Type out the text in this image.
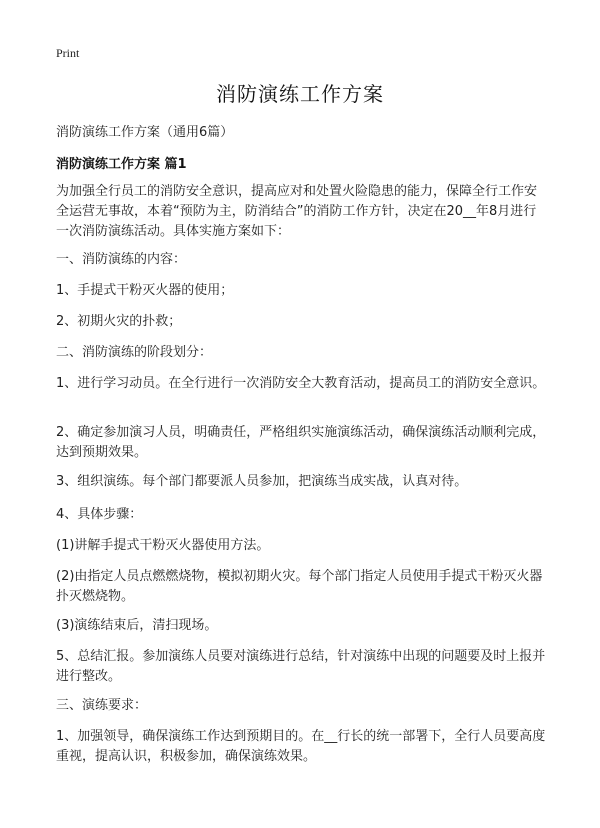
Print
消防演练工作方案
消防演练工作方案（通用6篇）
消防演练工作方案 篇1

为加强全行员工的消防安全意识，提高应对和处置火险隐患的能力，保障全行工作安全运营无事故，本着“预防为主，防消结合”的消防工作方针，决定在20__年8月进行一次消防演练活动。具体实施方案如下：

一、消防演练的内容：

1、手提式干粉灭火器的使用；

2、初期火灾的扑救；

二、消防演练的阶段划分：

1、进行学习动员。在全行进行一次消防安全大教育活动，提高员工的消防安全意识。

2、确定参加演习人员，明确责任，严格组织实施演练活动，确保演练活动顺利完成，达到预期效果。

3、组织演练。每个部门都要派人员参加，把演练当成实战，认真对待。

4、具体步骤：

(1)讲解手提式干粉灭火器使用方法。

(2)由指定人员点燃燃烧物，模拟初期火灾。每个部门指定人员使用手提式干粉灭火器扑灭燃烧物。

(3)演练结束后，清扫现场。

5、总结汇报。参加演练人员要对演练进行总结，针对演练中出现的问题要及时上报并进行整改。

三、演练要求：

1、加强领导，确保演练工作达到预期目的。在__行长的统一部署下，全行人员要高度重视，提高认识，积极参加，确保演练效果。
